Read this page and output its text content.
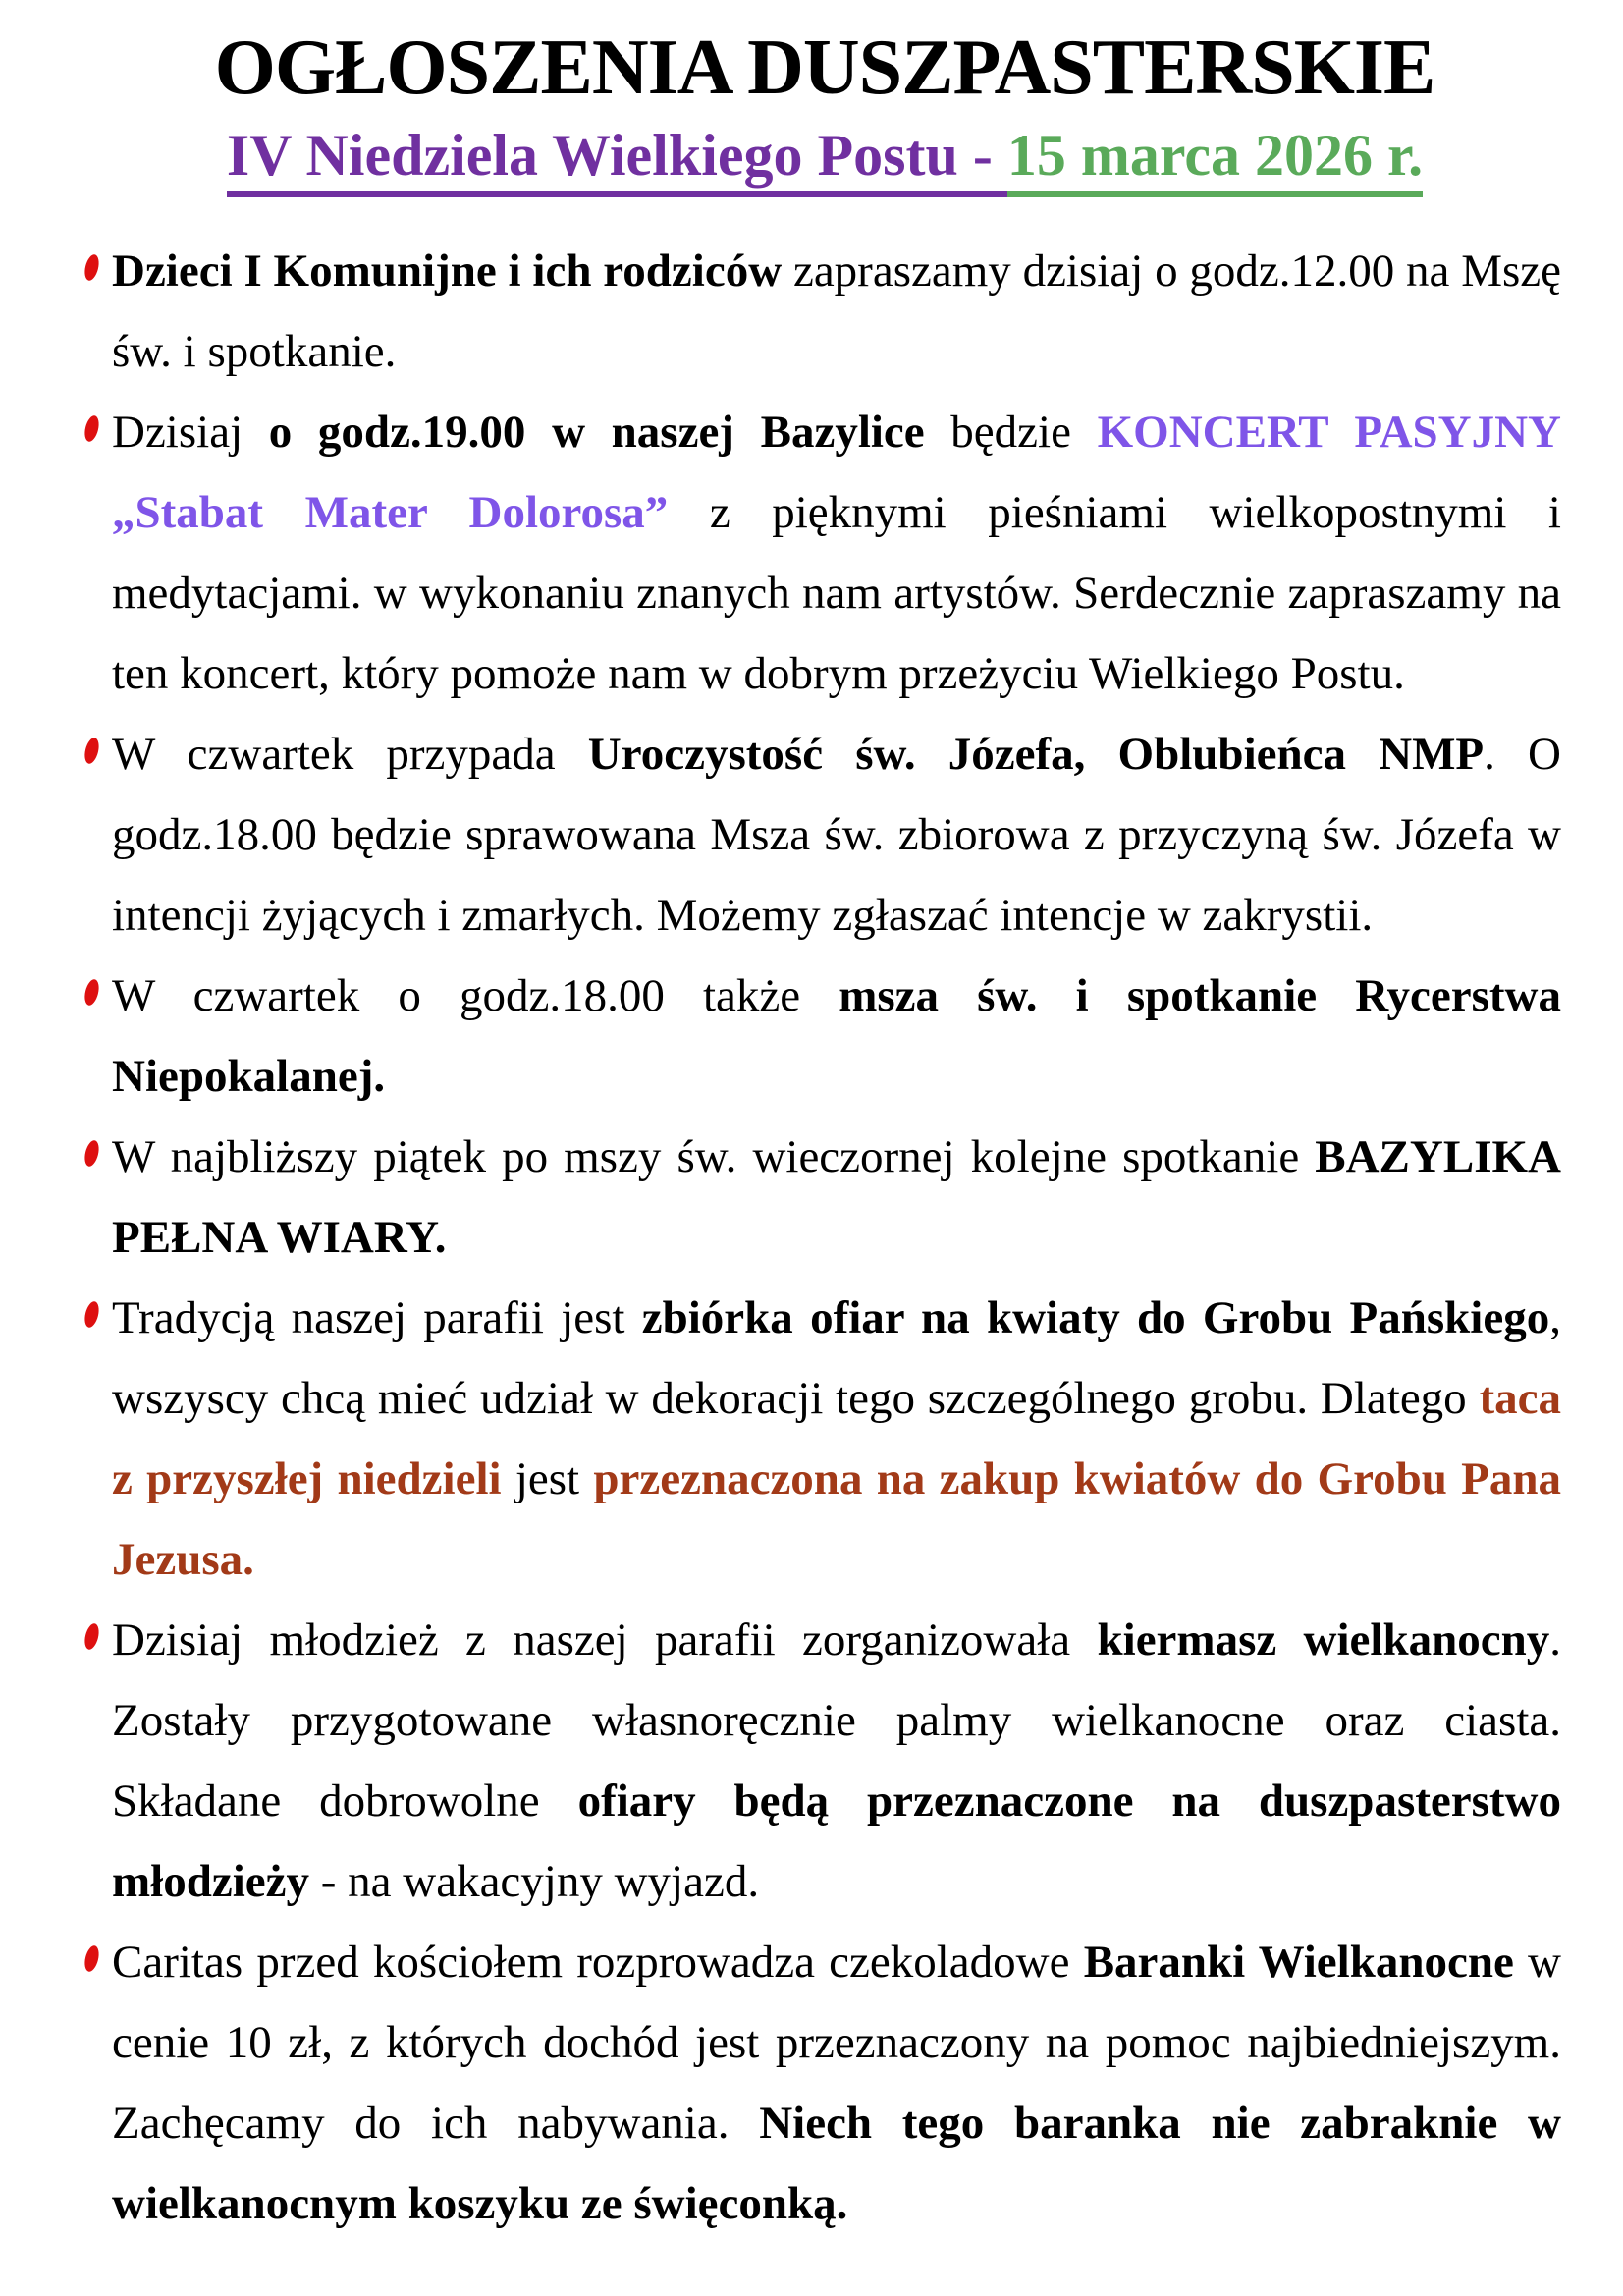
OGŁOSZENIA DUSZPASTERSKIE
IV Niedziela Wielkiego Postu - 15 marca 2026 r.
Dzieci I Komunijne i ich rodziców zapraszamy dzisiaj o godz.12.00 na Mszę św. i spotkanie.
Dzisiaj o godz.19.00 w naszej Bazylice będzie KONCERT PASYJNY „Stabat Mater Dolorosa” z pięknymi pieśniami wielkopostnymi i medytacjami. w wykonaniu znanych nam artystów. Serdecznie zapraszamy na ten koncert, który pomoże nam w dobrym przeżyciu Wielkiego Postu.
W czwartek przypada Uroczystość św. Józefa, Oblubieńca NMP. O godz.18.00 będzie sprawowana Msza św. zbiorowa z przyczyną św. Józefa w intencji żyjących i zmarłych. Możemy zgłaszać intencje w zakrystii.
W czwartek o godz.18.00 także msza św. i spotkanie Rycerstwa Niepokalanej.
W najbliższy piątek po mszy św. wieczornej kolejne spotkanie BAZYLIKA PEŁNA WIARY.
Tradycją naszej parafii jest zbiórka ofiar na kwiaty do Grobu Pańskiego, wszyscy chcą mieć udział w dekoracji tego szczególnego grobu. Dlatego taca z przyszłej niedzieli jest przeznaczona na zakup kwiatów do Grobu Pana Jezusa.
Dzisiaj młodzież z naszej parafii zorganizowała kiermasz wielkanocny. Zostały przygotowane własnoręcznie palmy wielkanocne oraz ciasta. Składane dobrowolne ofiary będą przeznaczone na duszpasterstwo młodzieży - na wakacyjny wyjazd.
Caritas przed kościołem rozprowadza czekoladowe Baranki Wielkanocne w cenie 10 zł, z których dochód jest przeznaczony na pomoc najbiedniejszym. Zachęcamy do ich nabywania. Niech tego baranka nie zabraknie w wielkanocnym koszyku ze święconką.
